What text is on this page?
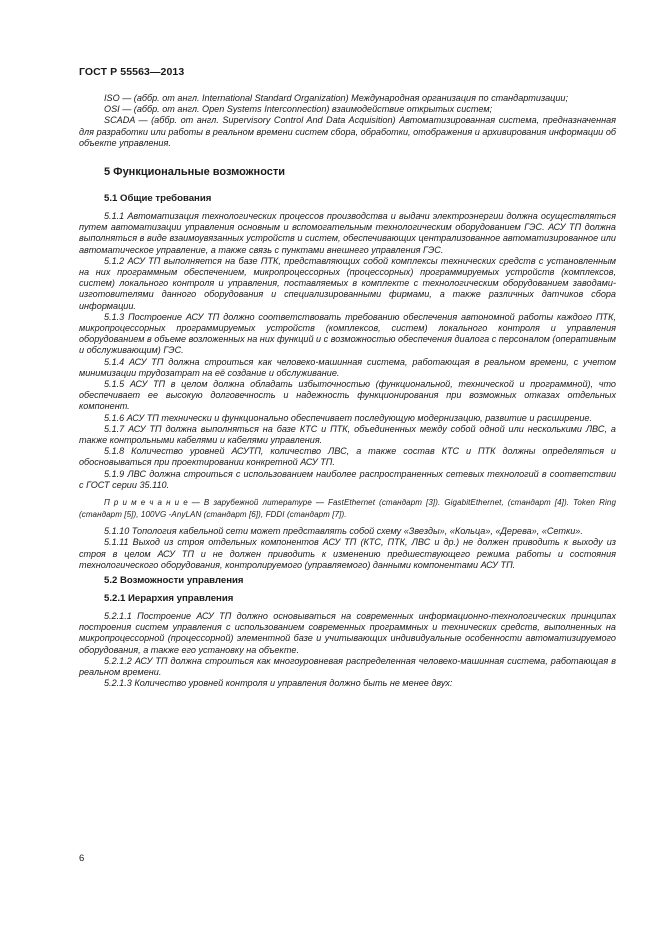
ГОСТ Р 55563—2013

ISO — (аббр. от англ. International Standard Organization) Международная организация по стандартизации;

OSI — (аббр. от англ. Open Systems Interconnection) взаимодействие открытых систем;

SCADA — (аббр. от англ. Supervisory Control And Data Acquisition) Автоматизированная система, предназначенная для разработки или работы в реальном времени систем сбора, обработки, отображения и архивирования информации об объекте управления.

5 Функциональные возможности
5.1 Общие требования

5.1.1 Автоматизация технологических процессов производства и выдачи электроэнергии должна осуществляться путем автоматизации управления основным и вспомогательным технологическим оборудованием ГЭС. АСУ ТП должна выполняться в виде взаимоувязанных устройств и систем, обеспечивающих централизованное автоматизированное или автоматическое управление, а также связь с пунктами внешнего управления ГЭС.

5.1.2 АСУ ТП выполняется на базе ПТК, представляющих собой комплексы технических средств с установленным на них программным обеспечением, микропроцессорных (процессорных) программируемых устройств (комплексов, систем) локального контроля и управления, поставляемых в комплекте с технологическим оборудованием заводами-изготовителями данного оборудования и специализированными фирмами, а также различных датчиков сбора информации.

5.1.3 Построение АСУ ТП должно соответствовать требованию обеспечения автономной работы каждого ПТК, микропроцессорных программируемых устройств (комплексов, систем) локального контроля и управления оборудованием в объеме возложенных на них функций и с возможностью обеспечения диалога с персоналом (оперативным и обслуживающим) ГЭС.

5.1.4 АСУ ТП должна строиться как человеко-машинная система, работающая в реальном времени, с учетом минимизации трудозатрат на её создание и обслуживание.

5.1.5 АСУ ТП в целом должна обладать избыточностью (функциональной, технической и программной), что обеспечивает ее высокую долговечность и надежность функционирования при возможных отказах отдельных компонент.

5.1.6 АСУ ТП технически и функционально обеспечивает последующую модернизацию, развитие и расширение.

5.1.7 АСУ ТП должна выполняться на базе КТС и ПТК, объединенных между собой одной или несколькими ЛВС, а также контрольными кабелями и кабелями управления.

5.1.8 Количество уровней АСУТП, количество ЛВС, а также состав КТС и ПТК должны определяться и обосновываться при проектировании конкретной АСУ ТП.

5.1.9 ЛВС должна строиться с использованием наиболее распространенных сетевых технологий в соответствии с ГОСТ серии 35.110.

П р и м е ч а н и е — В зарубежной литературе — FastEthernet (стандарт [3]). GigabitEthernet, (стандарт [4]). Token Ring (стандарт [5]), 100VG -AnyLAN (стандарт [6]), FDDI (стандарт [7]).

5.1.10 Топология кабельной сети может представлять собой схему «Звезды», «Кольца», «Дерева», «Сетки».

5.1.11 Выход из строя отдельных компонентов АСУ ТП (КТС, ПТК, ЛВС и др.) не должен приводить к выходу из строя в целом АСУ ТП и не должен приводить к изменению предшествующего режима работы и состояния технологического оборудования, контролируемого (управляемого) данными компонентами АСУ ТП.

5.2 Возможности управления
5.2.1 Иерархия управления

5.2.1.1 Построение АСУ ТП должно основываться на современных информационно-технологических принципах построения систем управления с использованием современных программных и технических средств, выполненных на микропроцессорной (процессорной) элементной базе и учитывающих индивидуальные особенности автоматизируемого оборудования, а также его установку на объекте.

5.2.1.2 АСУ ТП должна строиться как многоуровневая распределенная человеко-машинная система, работающая в реальном времени.

5.2.1.3 Количество уровней контроля и управления должно быть не менее двух:

6
